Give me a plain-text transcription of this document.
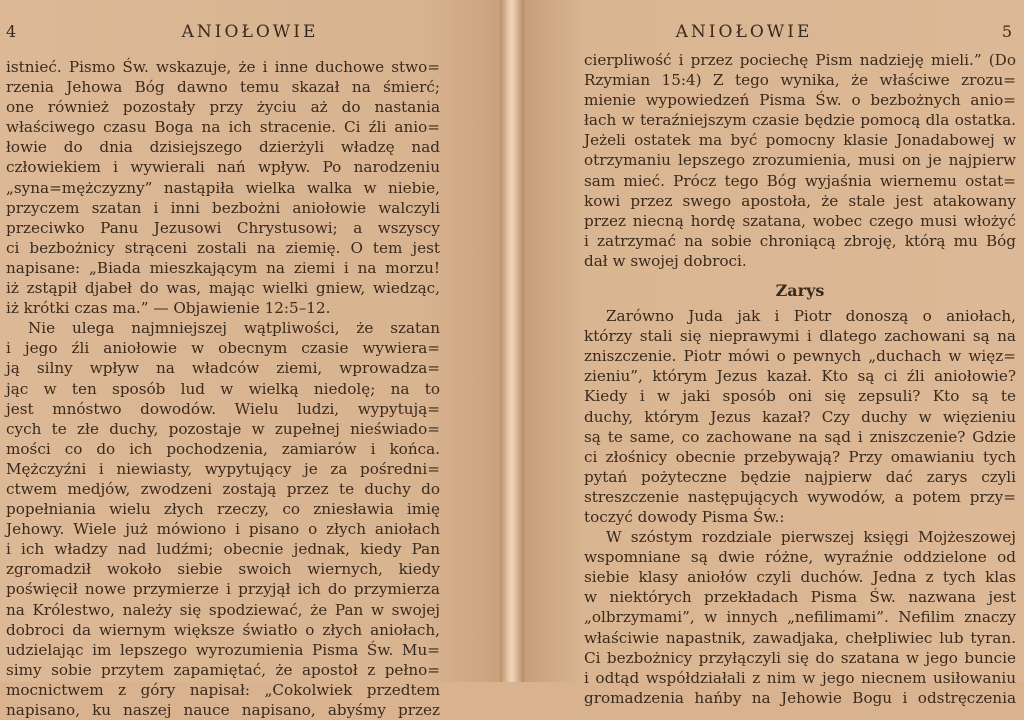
4	ANIOŁOWIE
istnieć. Pismo Św. wskazuje, że i inne duchowe stwo=
rzenia Jehowa Bóg dawno temu skazał na śmierć;
one również pozostały przy życiu aż do nastania
właściwego czasu Boga na ich stracenie. Ci źli anio=
łowie do dnia dzisiejszego dzierżyli władzę nad
człowiekiem i wywierali nań wpływ. Po narodzeniu
„syna=mężczyzny” nastąpiła wielka walka w niebie,
przyczem szatan i inni bezbożni aniołowie walczyli
przeciwko Panu Jezusowi Chrystusowi; a wszyscy
ci bezbożnicy strąceni zostali na ziemię. O tem jest
napisane: „Biada mieszkającym na ziemi i na morzu!
iż zstąpił djabeł do was, mając wielki gniew, wiedząc,
iż krótki czas ma.” — Objawienie 12:5–12.
Nie ulega najmniejszej wątpliwości, że szatan
i jego źli aniołowie w obecnym czasie wywiera=
ją silny wpływ na władców ziemi, wprowadza=
jąc w ten sposób lud w wielką niedolę; na to
jest mnóstwo dowodów. Wielu ludzi, wypytują=
cych te złe duchy, pozostaje w zupełnej nieświado=
mości co do ich pochodzenia, zamiarów i końca.
Mężczyźni i niewiasty, wypytujący je za pośredni=
ctwem medjów, zwodzeni zostają przez te duchy do
popełniania wielu złych rzeczy, co zniesławia imię
Jehowy. Wiele już mówiono i pisano o złych aniołach
i ich władzy nad ludźmi; obecnie jednak, kiedy Pan
zgromadził wokoło siebie swoich wiernych, kiedy
poświęcił nowe przymierze i przyjął ich do przymierza
na Królestwo, należy się spodziewać, że Pan w swojej
dobroci da wiernym większe światło o złych aniołach,
udzielając im lepszego wyrozumienia Pisma Św. Mu=
simy sobie przytem zapamiętać, że apostoł z pełno=
mocnictwem z góry napisał: „Cokolwiek przedtem
napisano, ku naszej nauce napisano, abyśmy przez
ANIOŁOWIE	5
cierpliwość i przez pociechę Pism nadzieję mieli.” (Do
Rzymian 15:4) Z tego wynika, że właściwe zrozu=
mienie wypowiedzeń Pisma Św. o bezbożnych anio=
łach w teraźniejszym czasie będzie pomocą dla ostatka.
Jeżeli ostatek ma być pomocny klasie Jonadabowej w
otrzymaniu lepszego zrozumienia, musi on je najpierw
sam mieć. Prócz tego Bóg wyjaśnia wiernemu ostat=
kowi przez swego apostoła, że stale jest atakowany
przez niecną hordę szatana, wobec czego musi włożyć
i zatrzymać na sobie chroniącą zbroję, którą mu Bóg
dał w swojej dobroci.
Zarys
Zarówno Juda jak i Piotr donoszą o aniołach,
którzy stali się nieprawymi i dlatego zachowani są na
zniszczenie. Piotr mówi o pewnych „duchach w więz=
zieniu”, którym Jezus kazał. Kto są ci źli aniołowie?
Kiedy i w jaki sposób oni się zepsuli? Kto są te
duchy, którym Jezus kazał? Czy duchy w więzieniu
są te same, co zachowane na sąd i zniszczenie? Gdzie
ci złośnicy obecnie przebywają? Przy omawianiu tych
pytań pożyteczne będzie najpierw dać zarys czyli
streszczenie następujących wywodów, a potem przy=
toczyć dowody Pisma Św.:
W szóstym rozdziale pierwszej księgi Mojżeszowej
wspomniane są dwie różne, wyraźnie oddzielone od
siebie klasy aniołów czyli duchów. Jedna z tych klas
w niektórych przekładach Pisma Św. nazwana jest
„olbrzymami”, w innych „nefilimami”. Nefilim znaczy
właściwie napastnik, zawadjaka, chełpliwiec lub tyran.
Ci bezbożnicy przyłączyli się do szatana w jego buncie
i odtąd współdziałali z nim w jego niecnem usiłowaniu
gromadzenia hańby na Jehowie Bogu i odstręczenia
